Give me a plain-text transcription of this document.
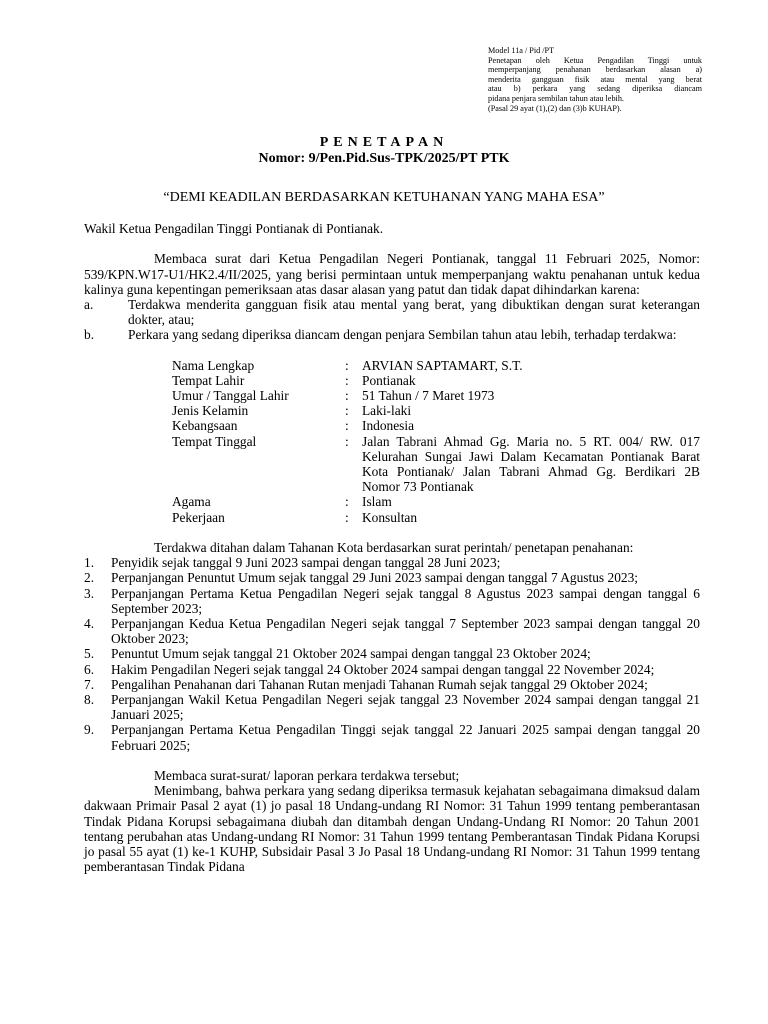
Model 11a / Pid /PT
Penetapan oleh Ketua Pengadilan Tinggi untuk
memperpanjang penahanan berdasarkan alasan a)
menderita gangguan fisik atau mental yang berat
atau b) perkara yang sedang diperiksa diancam
pidana penjara sembilan tahun atau lebih.
(Pasal 29 ayat (1),(2) dan (3)b KUHAP).
PENETAPAN
Nomor: 9/Pen.Pid.Sus-TPK/2025/PT PTK
“DEMI KEADILAN BERDASARKAN KETUHANAN YANG MAHA ESA”

Wakil Ketua Pengadilan Tinggi Pontianak di Pontianak.

Membaca surat dari Ketua Pengadilan Negeri Pontianak, tanggal 11 Februari 2025, Nomor: 539/KPN.W17-U1/HK2.4/II/2025, yang berisi permintaan untuk memperpanjang waktu penahanan untuk kedua kalinya guna kepentingan pemeriksaan atas dasar alasan yang patut dan tidak dapat dihindarkan karena:

a.	Terdakwa menderita gangguan fisik atau mental yang berat, yang dibuktikan dengan surat keterangan dokter, atau;
b.	Perkara yang sedang diperiksa diancam dengan penjara Sembilan tahun atau lebih, terhadap terdakwa:
Nama Lengkap	:	ARVIAN SAPTAMART, S.T.
Tempat Lahir	:	Pontianak
Umur / Tanggal Lahir	:	51 Tahun / 7 Maret 1973
Jenis Kelamin	:	Laki-laki
Kebangsaan	:	Indonesia
Tempat Tinggal	:	Jalan Tabrani Ahmad Gg. Maria no. 5 RT. 004/ RW. 017 Kelurahan Sungai Jawi Dalam Kecamatan Pontianak Barat Kota Pontianak/ Jalan Tabrani Ahmad Gg. Berdikari 2B Nomor 73 Pontianak
Agama	:	Islam
Pekerjaan	:	Konsultan

Terdakwa ditahan dalam Tahanan Kota berdasarkan surat perintah/ penetapan penahanan:

1.	Penyidik sejak tanggal 9 Juni 2023 sampai dengan tanggal 28 Juni 2023;
2.	Perpanjangan Penuntut Umum sejak tanggal 29 Juni 2023 sampai dengan tanggal 7 Agustus 2023;
3.	Perpanjangan Pertama Ketua Pengadilan Negeri sejak tanggal 8 Agustus 2023 sampai dengan tanggal 6 September 2023;
4.	Perpanjangan Kedua Ketua Pengadilan Negeri sejak tanggal 7 September 2023 sampai dengan tanggal 20 Oktober 2023;
5.	Penuntut Umum sejak tanggal 21 Oktober 2024 sampai dengan tanggal 23 Oktober 2024;
6.	Hakim Pengadilan Negeri sejak tanggal 24 Oktober 2024 sampai dengan tanggal 22 November 2024;
7.	Pengalihan Penahanan dari Tahanan Rutan menjadi Tahanan Rumah sejak tanggal 29 Oktober 2024;
8.	Perpanjangan Wakil Ketua Pengadilan Negeri sejak tanggal 23 November 2024 sampai dengan tanggal 21 Januari 2025;
9.	Perpanjangan Pertama Ketua Pengadilan Tinggi sejak tanggal 22 Januari 2025 sampai dengan tanggal 20 Februari 2025;

Membaca surat-surat/ laporan perkara terdakwa tersebut;

Menimbang, bahwa perkara yang sedang diperiksa termasuk kejahatan sebagaimana dimaksud dalam dakwaan Primair Pasal 2 ayat (1) jo pasal 18 Undang-undang RI Nomor: 31 Tahun 1999 tentang pemberantasan Tindak Pidana Korupsi sebagaimana diubah dan ditambah dengan Undang-Undang RI Nomor: 20 Tahun 2001 tentang perubahan atas Undang-undang RI Nomor: 31 Tahun 1999 tentang Pemberantasan Tindak Pidana Korupsi jo pasal 55 ayat (1) ke-1 KUHP, Subsidair Pasal 3 Jo Pasal 18 Undang-undang RI Nomor: 31 Tahun 1999 tentang pemberantasan Tindak Pidana
